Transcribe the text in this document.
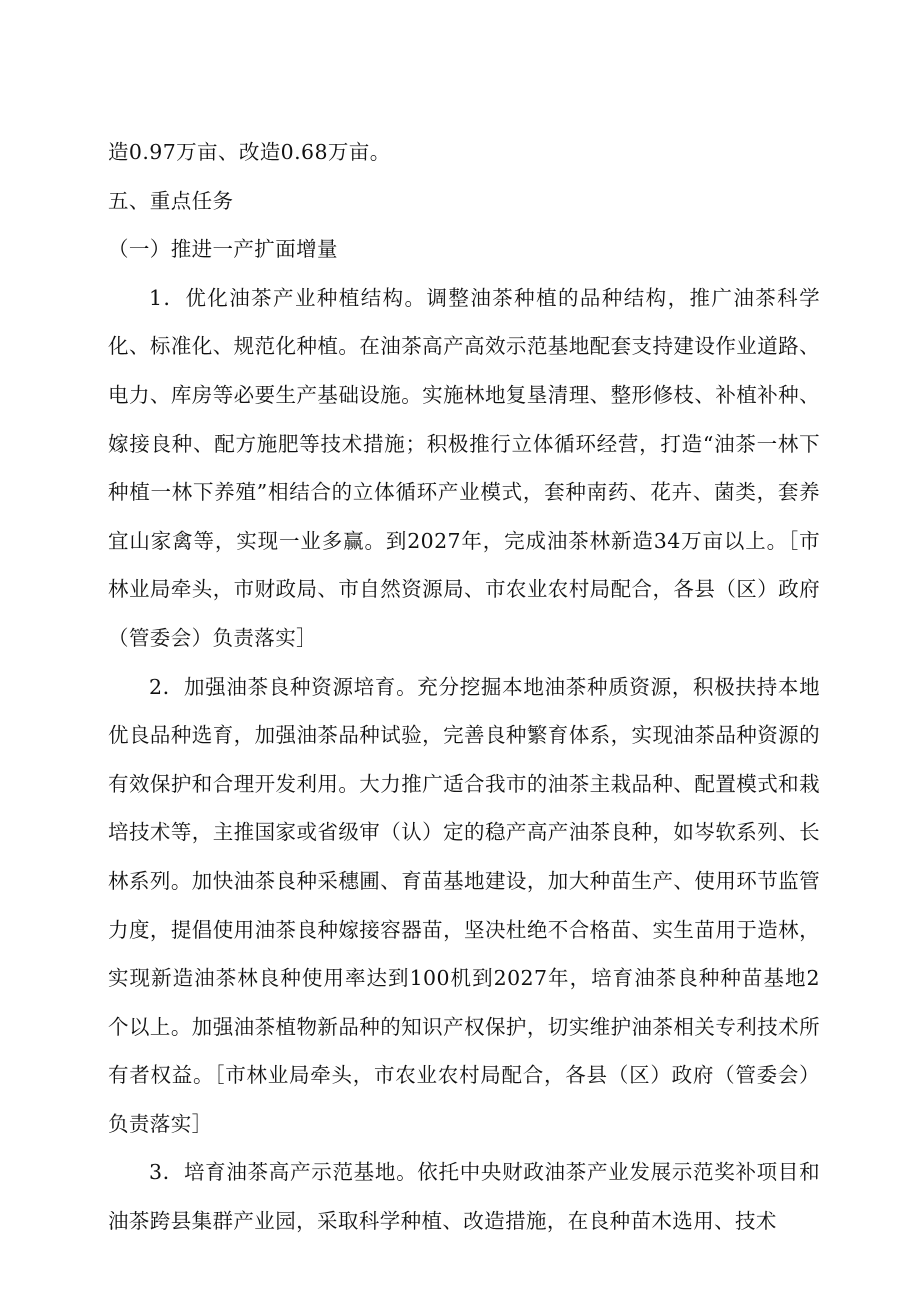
造0.97万亩、改造0.68万亩。

五、重点任务

（一）推进一产扩面增量

1．优化油茶产业种植结构。调整油茶种植的品种结构，推广油茶科学化、标准化、规范化种植。在油茶高产高效示范基地配套支持建设作业道路、电力、库房等必要生产基础设施。实施林地复垦清理、整形修枝、补植补种、嫁接良种、配方施肥等技术措施；积极推行立体循环经营，打造“油茶一林下种植一林下养殖”相结合的立体循环产业模式，套种南药、花卉、菌类，套养宜山家禽等，实现一业多赢。到2027年，完成油茶林新造34万亩以上。［市林业局牵头，市财政局、市自然资源局、市农业农村局配合，各县（区）政府（管委会）负责落实］

2．加强油茶良种资源培育。充分挖掘本地油茶种质资源，积极扶持本地优良品种选育，加强油茶品种试验，完善良种繁育体系，实现油茶品种资源的有效保护和合理开发利用。大力推广适合我市的油茶主栽品种、配置模式和栽培技术等，主推国家或省级审（认）定的稳产高产油茶良种，如岑软系列、长林系列。加快油茶良种采穗圃、育苗基地建设，加大种苗生产、使用环节监管力度，提倡使用油茶良种嫁接容器苗，坚决杜绝不合格苗、实生苗用于造林，实现新造油茶林良种使用率达到100机到2027年，培育油茶良种种苗基地2个以上。加强油茶植物新品种的知识产权保护，切实维护油茶相关专利技术所有者权益。［市林业局牵头，市农业农村局配合，各县（区）政府（管委会）负责落实］

3．培育油茶高产示范基地。依托中央财政油茶产业发展示范奖补项目和油茶跨县集群产业园，采取科学种植、改造措施，在良种苗木选用、技术
